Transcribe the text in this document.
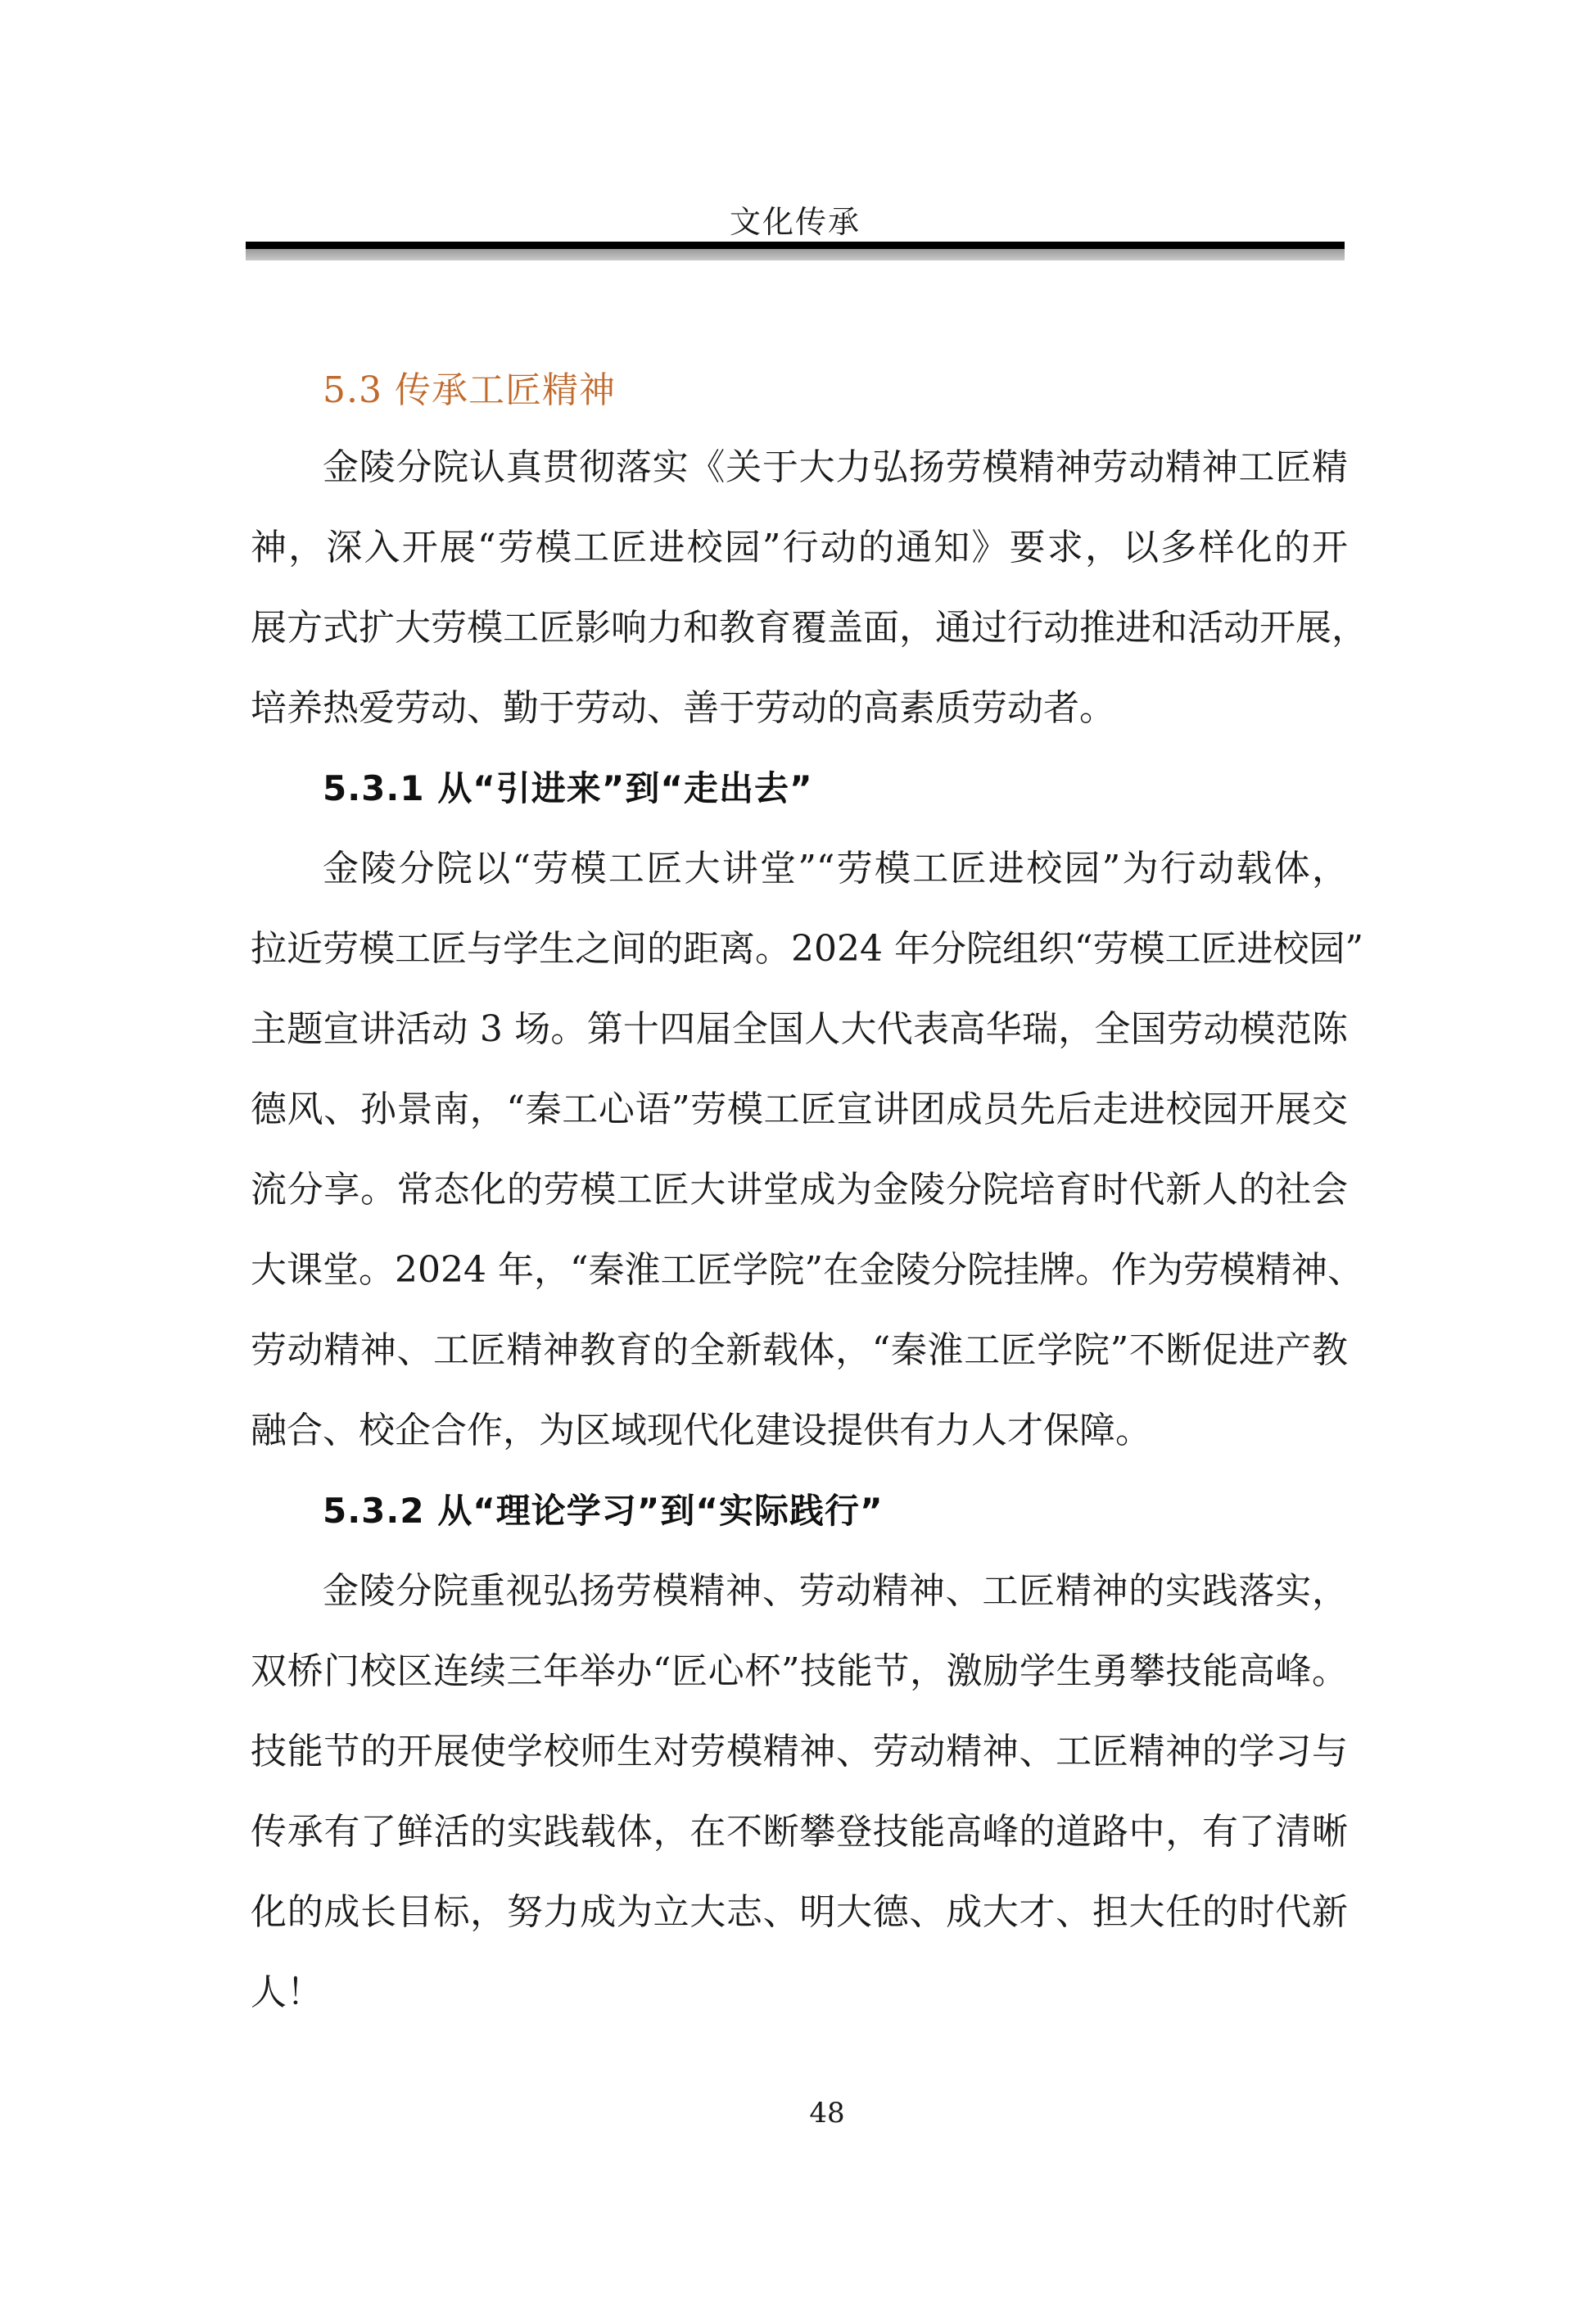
文化传承
5.3 传承工匠精神
金陵分院认真贯彻落实《关于大力弘扬劳模精神劳动精神工匠精
神，深入开展“劳模工匠进校园”行动的通知》要求，以多样化的开
展方式扩大劳模工匠影响力和教育覆盖面，通过行动推进和活动开展，
培养热爱劳动、勤于劳动、善于劳动的高素质劳动者。
5.3.1 从“引进来”到“走出去”
金陵分院以“劳模工匠大讲堂”“劳模工匠进校园”为行动载体，
拉近劳模工匠与学生之间的距离。2024 年分院组织“劳模工匠进校园”
主题宣讲活动 3 场。第十四届全国人大代表高华瑞，全国劳动模范陈
德风、孙景南，“秦工心语”劳模工匠宣讲团成员先后走进校园开展交
流分享。常态化的劳模工匠大讲堂成为金陵分院培育时代新人的社会
大课堂。2024 年，“秦淮工匠学院”在金陵分院挂牌。作为劳模精神、
劳动精神、工匠精神教育的全新载体，“秦淮工匠学院”不断促进产教
融合、校企合作，为区域现代化建设提供有力人才保障。
5.3.2 从“理论学习”到“实际践行”
金陵分院重视弘扬劳模精神、劳动精神、工匠精神的实践落实，
双桥门校区连续三年举办“匠心杯”技能节，激励学生勇攀技能高峰。
技能节的开展使学校师生对劳模精神、劳动精神、工匠精神的学习与
传承有了鲜活的实践载体，在不断攀登技能高峰的道路中，有了清晰
化的成长目标，努力成为立大志、明大德、成大才、担大任的时代新
人！
48
